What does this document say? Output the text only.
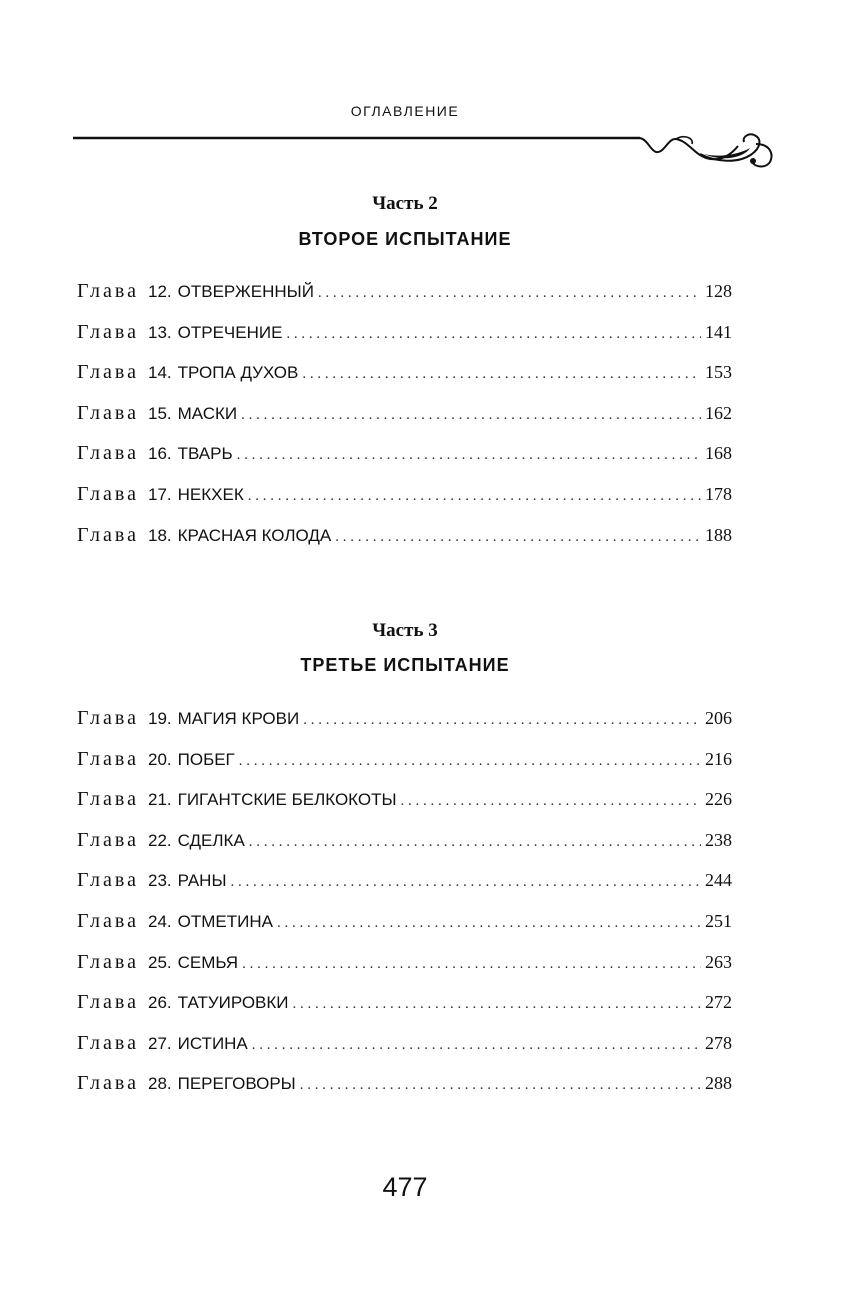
ОГЛАВЛЕНИЕ
Часть 2
ВТОРОЕ ИСПЫТАНИЕ
Глава 12. ОТВЕРЖЕННЫЙ . . .	128
Глава 13. ОТРЕЧЕНИЕ . . .	141
Глава 14. ТРОПА ДУХОВ . . .	153
Глава 15. МАСКИ . . .	162
Глава 16. ТВАРЬ . . .	168
Глава 17. НЕКХЕК . . .	178
Глава 18. КРАСНАЯ КОЛОДА . . .	188
Часть 3
ТРЕТЬЕ ИСПЫТАНИЕ
Глава 19. МАГИЯ КРОВИ . . .	206
Глава 20. ПОБЕГ . . .	216
Глава 21. ГИГАНТСКИЕ БЕЛКОКОТЫ . . .	226
Глава 22. СДЕЛКА . . .	238
Глава 23. РАНЫ . . .	244
Глава 24. ОТМЕТИНА . . .	251
Глава 25. СЕМЬЯ . . .	263
Глава 26. ТАТУИРОВКИ . . .	272
Глава 27. ИСТИНА . . .	278
Глава 28. ПЕРЕГОВОРЫ . . .	288
477
